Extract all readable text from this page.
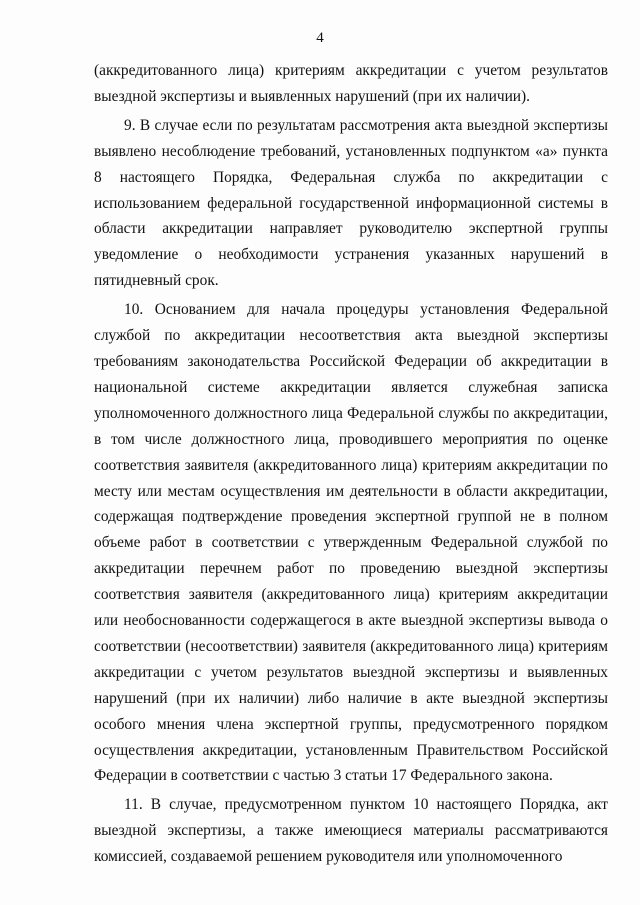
4

(аккредитованного лица) критериям аккредитации с учетом результатов выездной экспертизы и выявленных нарушений (при их наличии).

9. В случае если по результатам рассмотрения акта выездной экспертизы выявлено несоблюдение требований, установленных подпунктом «а» пункта 8 настоящего Порядка, Федеральная служба по аккредитации с использованием федеральной государственной информационной системы в области аккредитации направляет руководителю экспертной группы уведомление о необходимости устранения указанных нарушений в пятидневный срок.

10. Основанием для начала процедуры установления Федеральной службой по аккредитации несоответствия акта выездной экспертизы требованиям законодательства Российской Федерации об аккредитации в национальной системе аккредитации является служебная записка уполномоченного должностного лица Федеральной службы по аккредитации, в том числе должностного лица, проводившего мероприятия по оценке соответствия заявителя (аккредитованного лица) критериям аккредитации по месту или местам осуществления им деятельности в области аккредитации, содержащая подтверждение проведения экспертной группой не в полном объеме работ в соответствии с утвержденным Федеральной службой по аккредитации перечнем работ по проведению выездной экспертизы соответствия заявителя (аккредитованного лица) критериям аккредитации или необоснованности содержащегося в акте выездной экспертизы вывода о соответствии (несоответствии) заявителя (аккредитованного лица) критериям аккредитации с учетом результатов выездной экспертизы и выявленных нарушений (при их наличии) либо наличие в акте выездной экспертизы особого мнения члена экспертной группы, предусмотренного порядком осуществления аккредитации, установленным Правительством Российской Федерации в соответствии с частью 3 статьи 17 Федерального закона.

11. В случае, предусмотренном пунктом 10 настоящего Порядка, акт выездной экспертизы, а также имеющиеся материалы рассматриваются комиссией, создаваемой решением руководителя или уполномоченного
